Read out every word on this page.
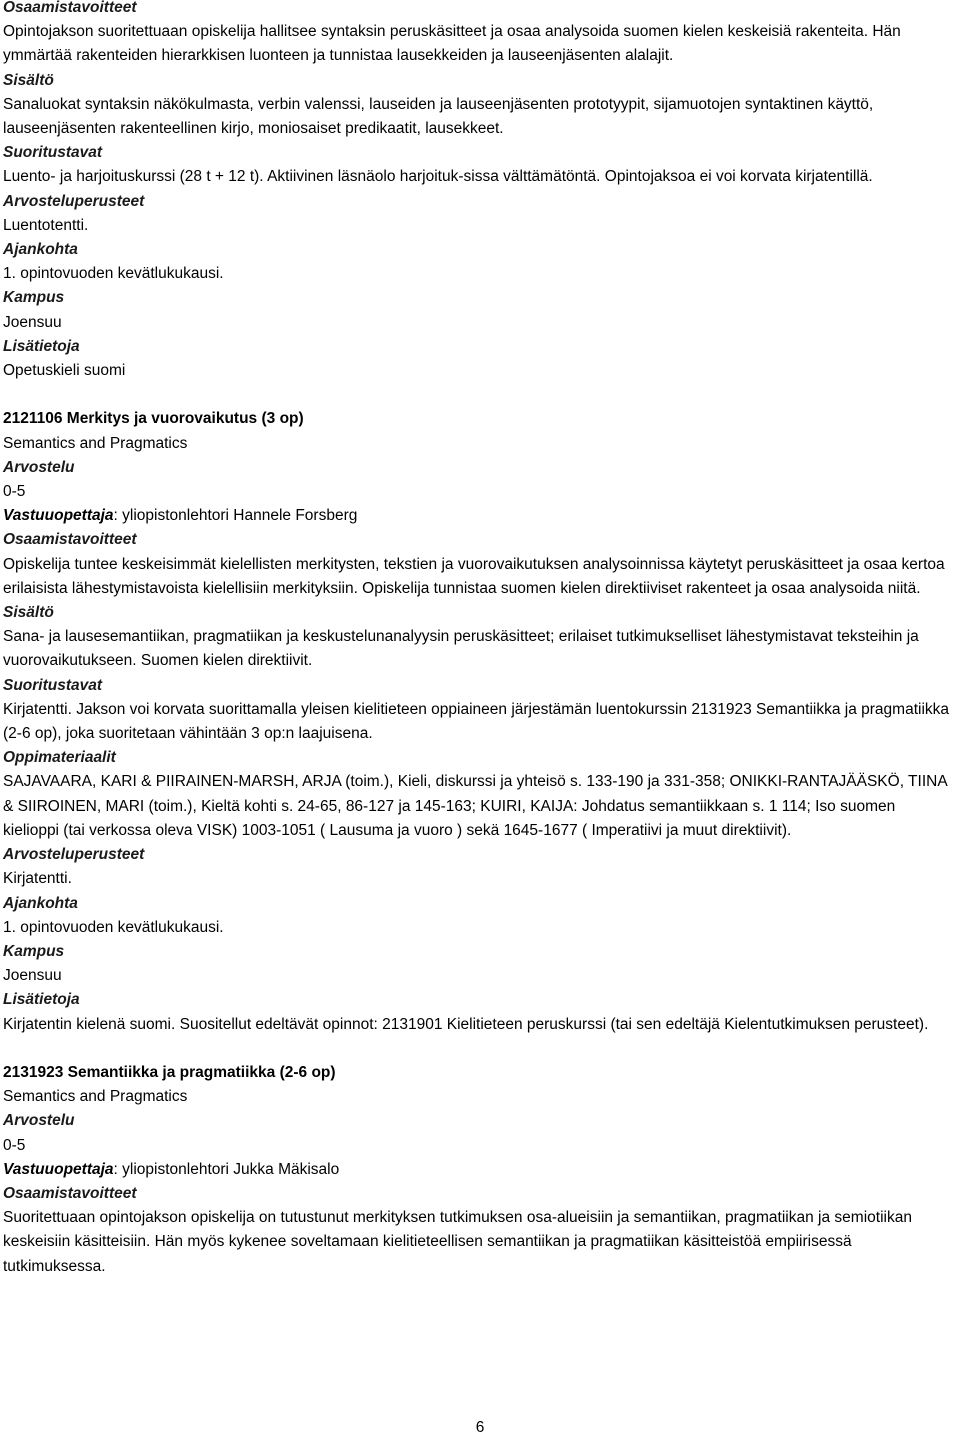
Osaamistavoitteet
Opintojakson suoritettuaan opiskelija hallitsee syntaksin peruskäsitteet ja osaa analysoida suomen kielen keskeisiä rakenteita. Hän ymmärtää rakenteiden hierarkkisen luonteen ja tunnistaa lausekkeiden ja lauseenjäsenten alalajit.
Sisältö
Sanaluokat syntaksin näkökulmasta, verbin valenssi, lauseiden ja lauseenjäsenten prototyypit, sijamuotojen syntaktinen käyttö, lauseenjäsenten rakenteellinen kirjo, moniosaiset predikaatit, lausekkeet.
Suoritustavat
Luento- ja harjoituskurssi (28 t + 12 t). Aktiivinen läsnäolo harjoituk-sissa välttämätöntä. Opintojaksoa ei voi korvata kirjatentillä.
Arvosteluperusteet
Luentotentti.
Ajankohta
1. opintovuoden kevätlukukausi.
Kampus
Joensuu
Lisätietoja
Opetuskieli suomi
2121106 Merkitys ja vuorovaikutus (3 op)
Semantics and Pragmatics
Arvostelu
0-5
Vastuuopettaja: yliopistonlehtori Hannele Forsberg
Osaamistavoitteet
Opiskelija tuntee keskeisimmät kielellisten merkitysten, tekstien ja vuorovaikutuksen analysoinnissa käytetyt peruskäsitteet ja osaa kertoa erilaisista lähestymistavoista kielellisiin merkityksiin. Opiskelija tunnistaa suomen kielen direktiiviset rakenteet ja osaa analysoida niitä.
Sisältö
Sana- ja lausesemantiikan, pragmatiikan ja keskustelunanalyysin peruskäsitteet; erilaiset tutkimukselliset lähestymistavat teksteihin ja vuorovaikutukseen. Suomen kielen direktiivit.
Suoritustavat
Kirjatentti. Jakson voi korvata suorittamalla yleisen kielitieteen oppiaineen järjestämän luentokurssin 2131923 Semantiikka ja pragmatiikka (2-6 op), joka suoritetaan vähintään 3 op:n laajuisena.
Oppimateriaalit
SAJAVAARA, KARI & PIIRAINEN-MARSH, ARJA (toim.), Kieli, diskurssi ja yhteisö s. 133-190 ja 331-358; ONIKKI-RANTAJÄÄSKÖ, TIINA & SIIROINEN, MARI (toim.), Kieltä kohti s. 24-65, 86-127 ja 145-163; KUIRI, KAIJA: Johdatus semantiikkaan s. 1 114; Iso suomen kielioppi (tai verkossa oleva VISK) 1003-1051 ( Lausuma ja vuoro ) sekä 1645-1677 ( Imperatiivi ja muut direktiivit).
Arvosteluperusteet
Kirjatentti.
Ajankohta
1. opintovuoden kevätlukukausi.
Kampus
Joensuu
Lisätietoja
Kirjatentin kielenä suomi. Suositellut edeltävät opinnot: 2131901 Kielitieteen peruskurssi (tai sen edeltäjä Kielentutkimuksen perusteet).
2131923 Semantiikka ja pragmatiikka (2-6 op)
Semantics and Pragmatics
Arvostelu
0-5
Vastuuopettaja: yliopistonlehtori Jukka Mäkisalo
Osaamistavoitteet
Suoritettuaan opintojakson opiskelija on tutustunut merkityksen tutkimuksen osa-alueisiin ja semantiikan, pragmatiikan ja semiotiikan keskeisiin käsitteisiin. Hän myös kykenee soveltamaan kielitieteellisen semantiikan ja pragmatiikan käsitteistöä empiirisessä tutkimuksessa.
6
